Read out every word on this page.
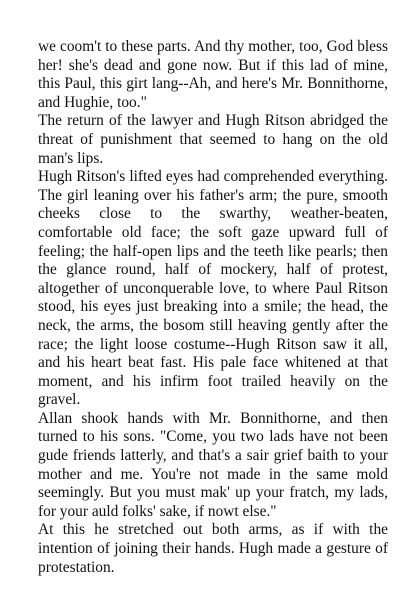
we coom't to these parts. And thy mother, too, God bless her! she's dead and gone now. But if this lad of mine, this Paul, this girt lang--Ah, and here's Mr. Bonnithorne, and Hughie, too."

The return of the lawyer and Hugh Ritson abridged the threat of punishment that seemed to hang on the old man's lips.

Hugh Ritson's lifted eyes had comprehended everything. The girl leaning over his father's arm; the pure, smooth cheeks close to the swarthy, weather-beaten, comfortable old face; the soft gaze upward full of feeling; the half-open lips and the teeth like pearls; then the glance round, half of mockery, half of protest, altogether of unconquerable love, to where Paul Ritson stood, his eyes just breaking into a smile; the head, the neck, the arms, the bosom still heaving gently after the race; the light loose costume--Hugh Ritson saw it all, and his heart beat fast. His pale face whitened at that moment, and his infirm foot trailed heavily on the gravel.

Allan shook hands with Mr. Bonnithorne, and then turned to his sons. "Come, you two lads have not been gude friends latterly, and that's a sair grief baith to your mother and me. You're not made in the same mold seemingly. But you must mak' up your fratch, my lads, for your auld folks' sake, if nowt else."

At this he stretched out both arms, as if with the intention of joining their hands. Hugh made a gesture of protestation.
